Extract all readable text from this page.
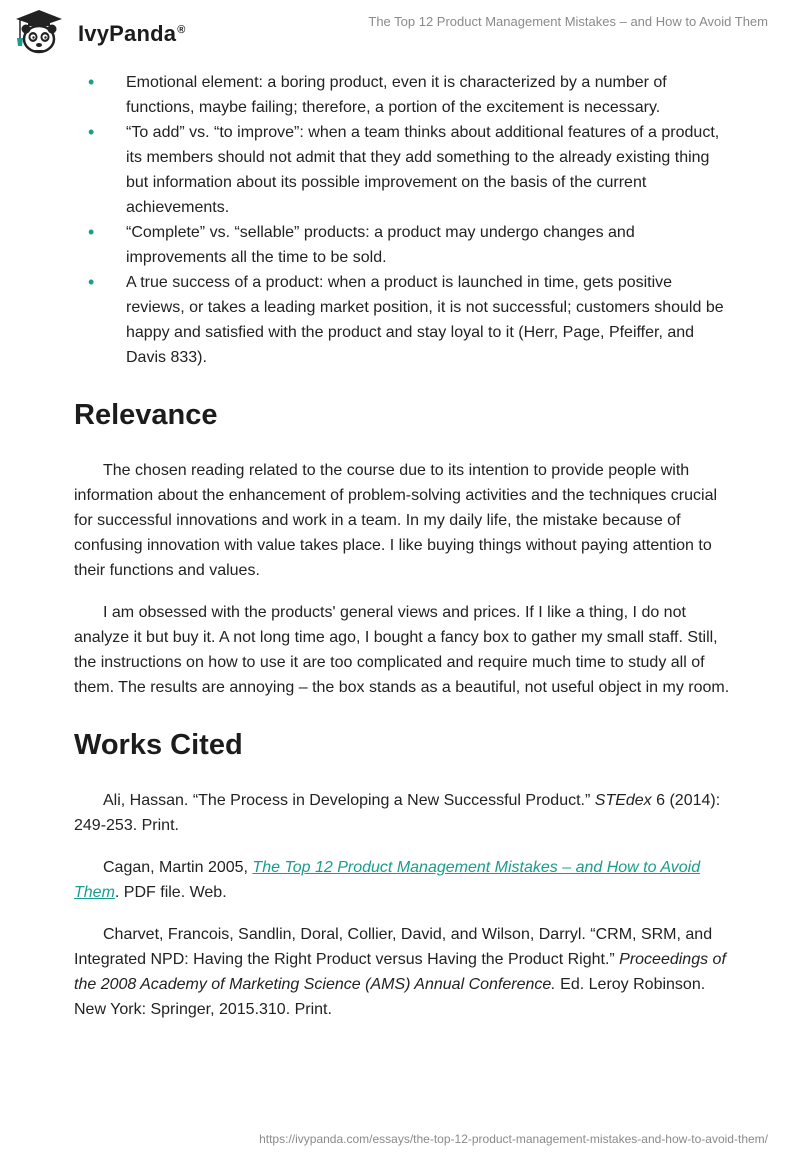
IvyPanda®
The Top 12 Product Management Mistakes – and How to Avoid Them
• Emotional element: a boring product, even it is characterized by a number of functions, maybe failing; therefore, a portion of the excitement is necessary.
• “To add” vs. “to improve”: when a team thinks about additional features of a product, its members should not admit that they add something to the already existing thing but information about its possible improvement on the basis of the current achievements.
• “Complete” vs. “sellable” products: a product may undergo changes and improvements all the time to be sold.
• A true success of a product: when a product is launched in time, gets positive reviews, or takes a leading market position, it is not successful; customers should be happy and satisfied with the product and stay loyal to it (Herr, Page, Pfeiffer, and Davis 833).
Relevance

The chosen reading related to the course due to its intention to provide people with information about the enhancement of problem-solving activities and the techniques crucial for successful innovations and work in a team. In my daily life, the mistake because of confusing innovation with value takes place. I like buying things without paying attention to their functions and values.

I am obsessed with the products' general views and prices. If I like a thing, I do not analyze it but buy it. A not long time ago, I bought a fancy box to gather my small staff. Still, the instructions on how to use it are too complicated and require much time to study all of them. The results are annoying – the box stands as a beautiful, not useful object in my room.

Works Cited

Ali, Hassan. “The Process in Developing a New Successful Product.” STEdex 6 (2014): 249-253. Print.

Cagan, Martin 2005, The Top 12 Product Management Mistakes – and How to Avoid Them. PDF file. Web.

Charvet, Francois, Sandlin, Doral, Collier, David, and Wilson, Darryl. “CRM, SRM, and Integrated NPD: Having the Right Product versus Having the Product Right.” Proceedings of the 2008 Academy of Marketing Science (AMS) Annual Conference. Ed. Leroy Robinson. New York: Springer, 2015.310. Print.

https://ivypanda.com/essays/the-top-12-product-management-mistakes-and-how-to-avoid-them/
